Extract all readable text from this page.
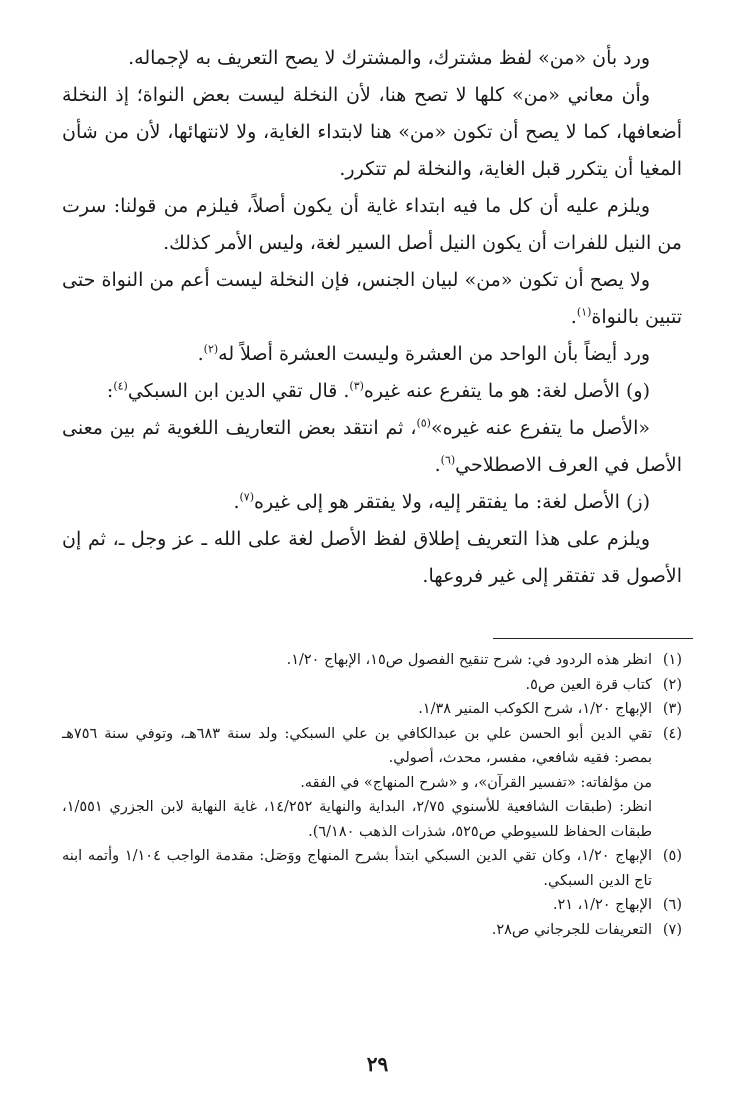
ورد بأن «من» لفظ مشترك، والمشترك لا يصح التعريف به لإجماله.

وأن معاني «من» كلها لا تصح هنا، لأن النخلة ليست بعض النواة؛ إذ النخلة أضعافها، كما لا يصح أن تكون «من» هنا لابتداء الغاية، ولا لانتهائها، لأن من شأن المغيا أن يتكرر قبل الغاية، والنخلة لم تتكرر.

ويلزم عليه أن كل ما فيه ابتداء غاية أن يكون أصلاً، فيلزم من قولنا: سرت من النيل للفرات أن يكون النيل أصل السير لغة، وليس الأمر كذلك.

ولا يصح أن تكون «من» لبيان الجنس، فإن النخلة ليست أعم من النواة حتى تتبين بالنواة$^{(١)}$.

ورد أيضاً بأن الواحد من العشرة وليست العشرة أصلاً له$^{(٢)}$.

(و) الأصل لغة: هو ما يتفرع عنه غيره$^{(٣)}$. قال تقي الدين ابن السبكي$^{(٤)}$:

«الأصل ما يتفرع عنه غيره»$^{(٥)}$، ثم انتقد بعض التعاريف اللغوية ثم بين معنى الأصل في العرف الاصطلاحي$^{(٦)}$.

(ز) الأصل لغة: ما يفتقر إليه، ولا يفتقر هو إلى غيره$^{(٧)}$.

ويلزم على هذا التعريف إطلاق لفظ الأصل لغة على الله ـ عز وجل ـ، ثم إن الأصول قد تفتقر إلى غير فروعها.

(١)
انظر هذه الردود في: شرح تنقيح الفصول ص١٥، الإبهاج ١/٢٠.
(٢)
كتاب قرة العين ص٥.
(٣)
الإبهاج ١/٢٠، شرح الكوكب المنير ١/٣٨.
(٤)
تقي الدين أبو الحسن علي بن عبدالكافي بن علي السبكي: ولد سنة ٦٨٣هـ، وتوفي سنة ٧٥٦هـ بمصر: فقيه شافعي، مفسر، محدث، أصولي.
من مؤلفاته: «تفسير القرآن»، و «شرح المنهاج» في الفقه.
انظر: (طبقات الشافعية للأسنوي ٢/٧٥، البداية والنهاية ١٤/٢٥٢، غاية النهاية لابن الجزري ١/٥٥١، طبقات الحفاظ للسيوطي ص٥٢٥، شذرات الذهب ٦/١٨٠).
(٥)
الإبهاج ١/٢٠، وكان تقي الدين السبكي ابتدأ بشرح المنهاج ووَصَل: مقدمة الواجب ١/١٠٤ وأتمه ابنه تاج الدين السبكي.
(٦)
الإبهاج ١/٢٠، ٢١.
(٧)
التعريفات للجرجاني ص٢٨.
٢٩
